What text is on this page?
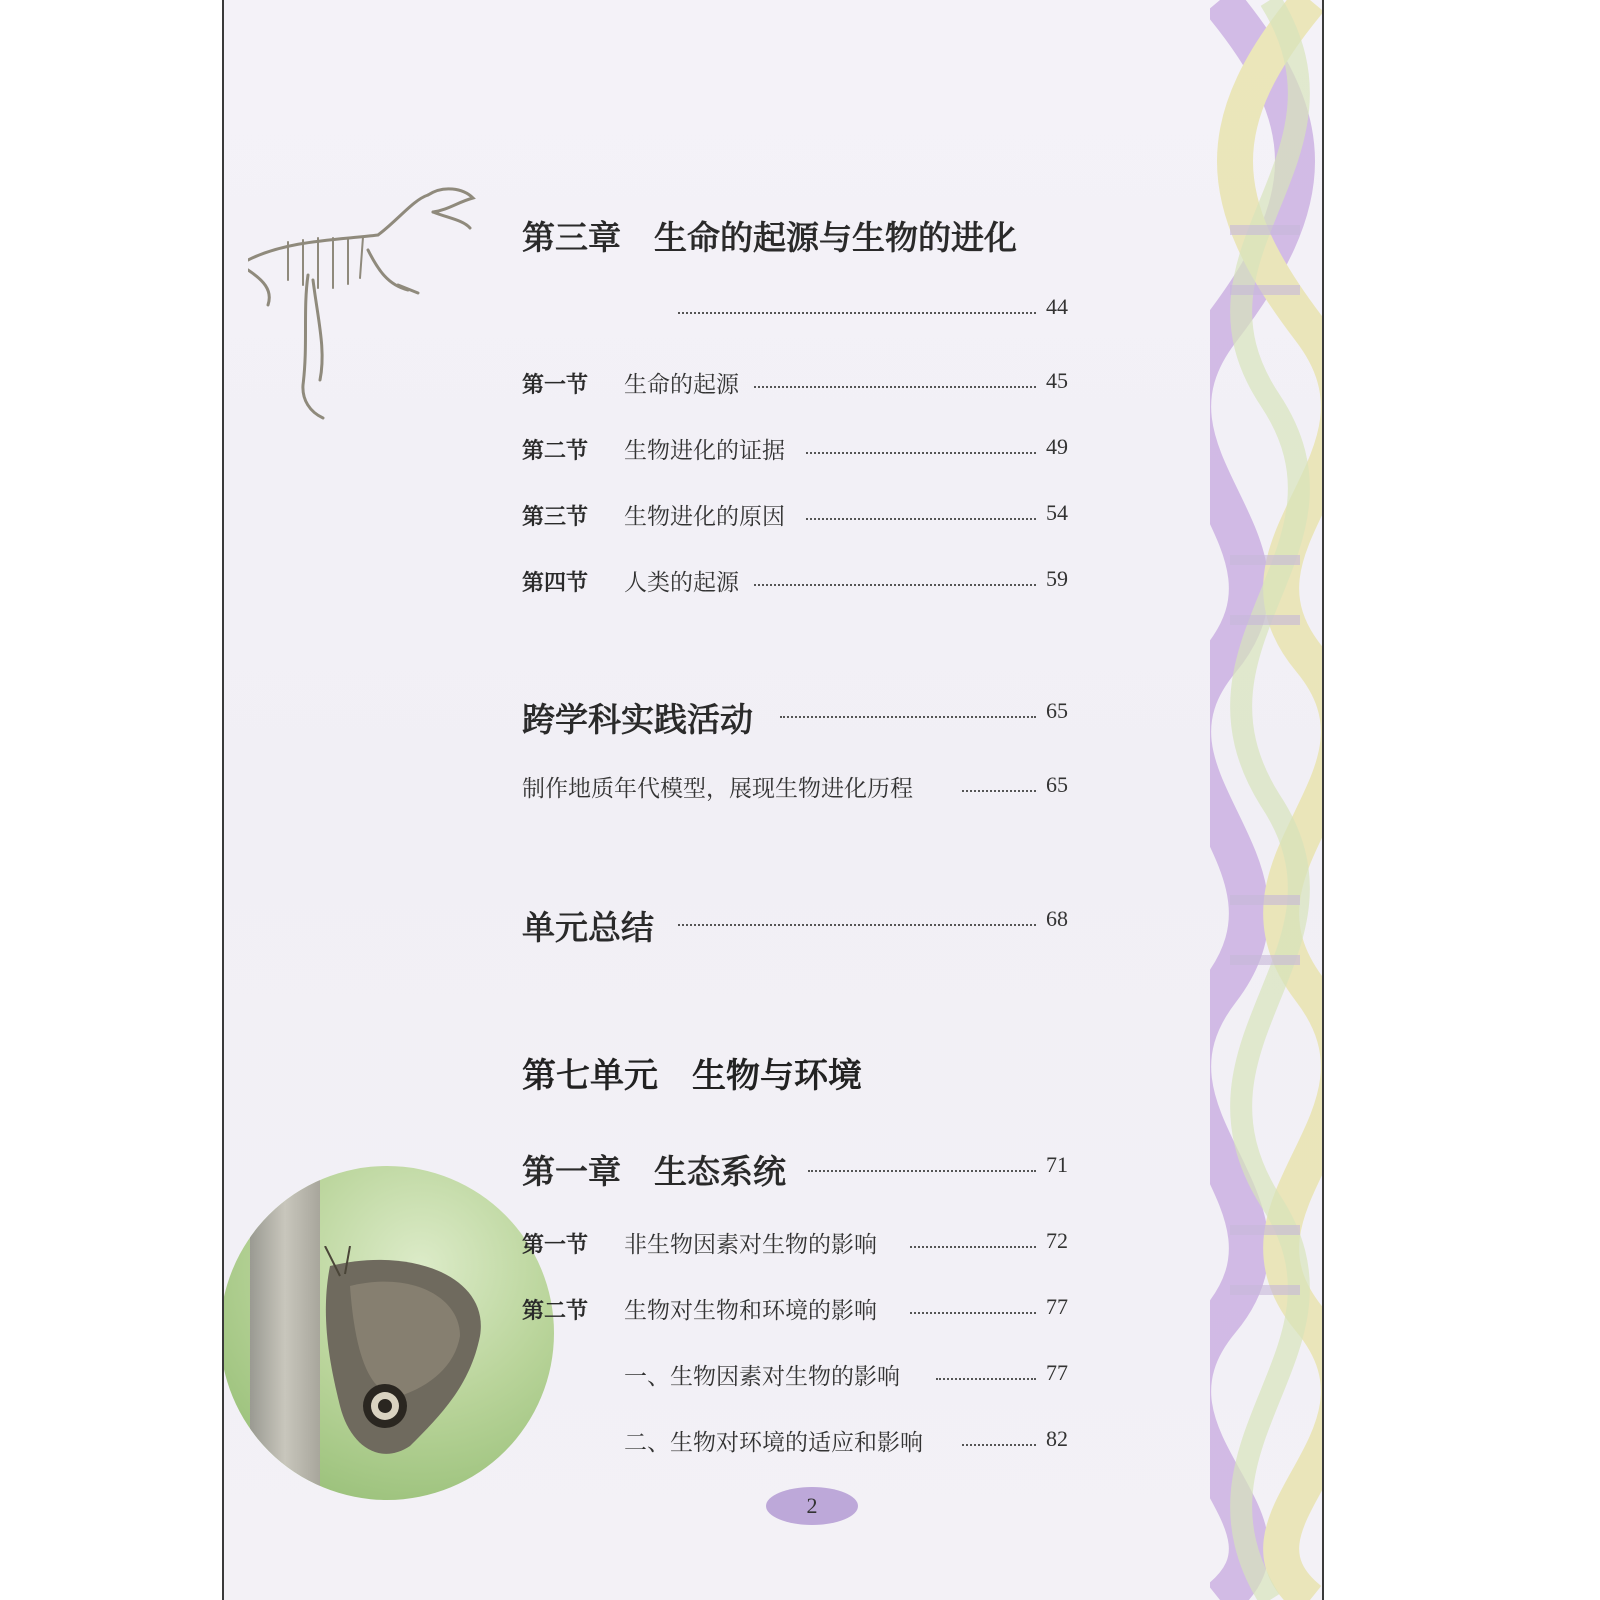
第三章　生命的起源与生物的进化
44
第一节 生命的起源	45
第二节 生物进化的证据	49
第三节 生物进化的原因	54
第四节 人类的起源	59
跨学科实践活动	65
制作地质年代模型，展现生物进化历程	65
单元总结	68
第七单元　生物与环境
第一章　生态系统	71
第一节 非生物因素对生物的影响	72
第二节 生物对生物和环境的影响	77
一、生物因素对生物的影响	77
二、生物对环境的适应和影响	82
2
